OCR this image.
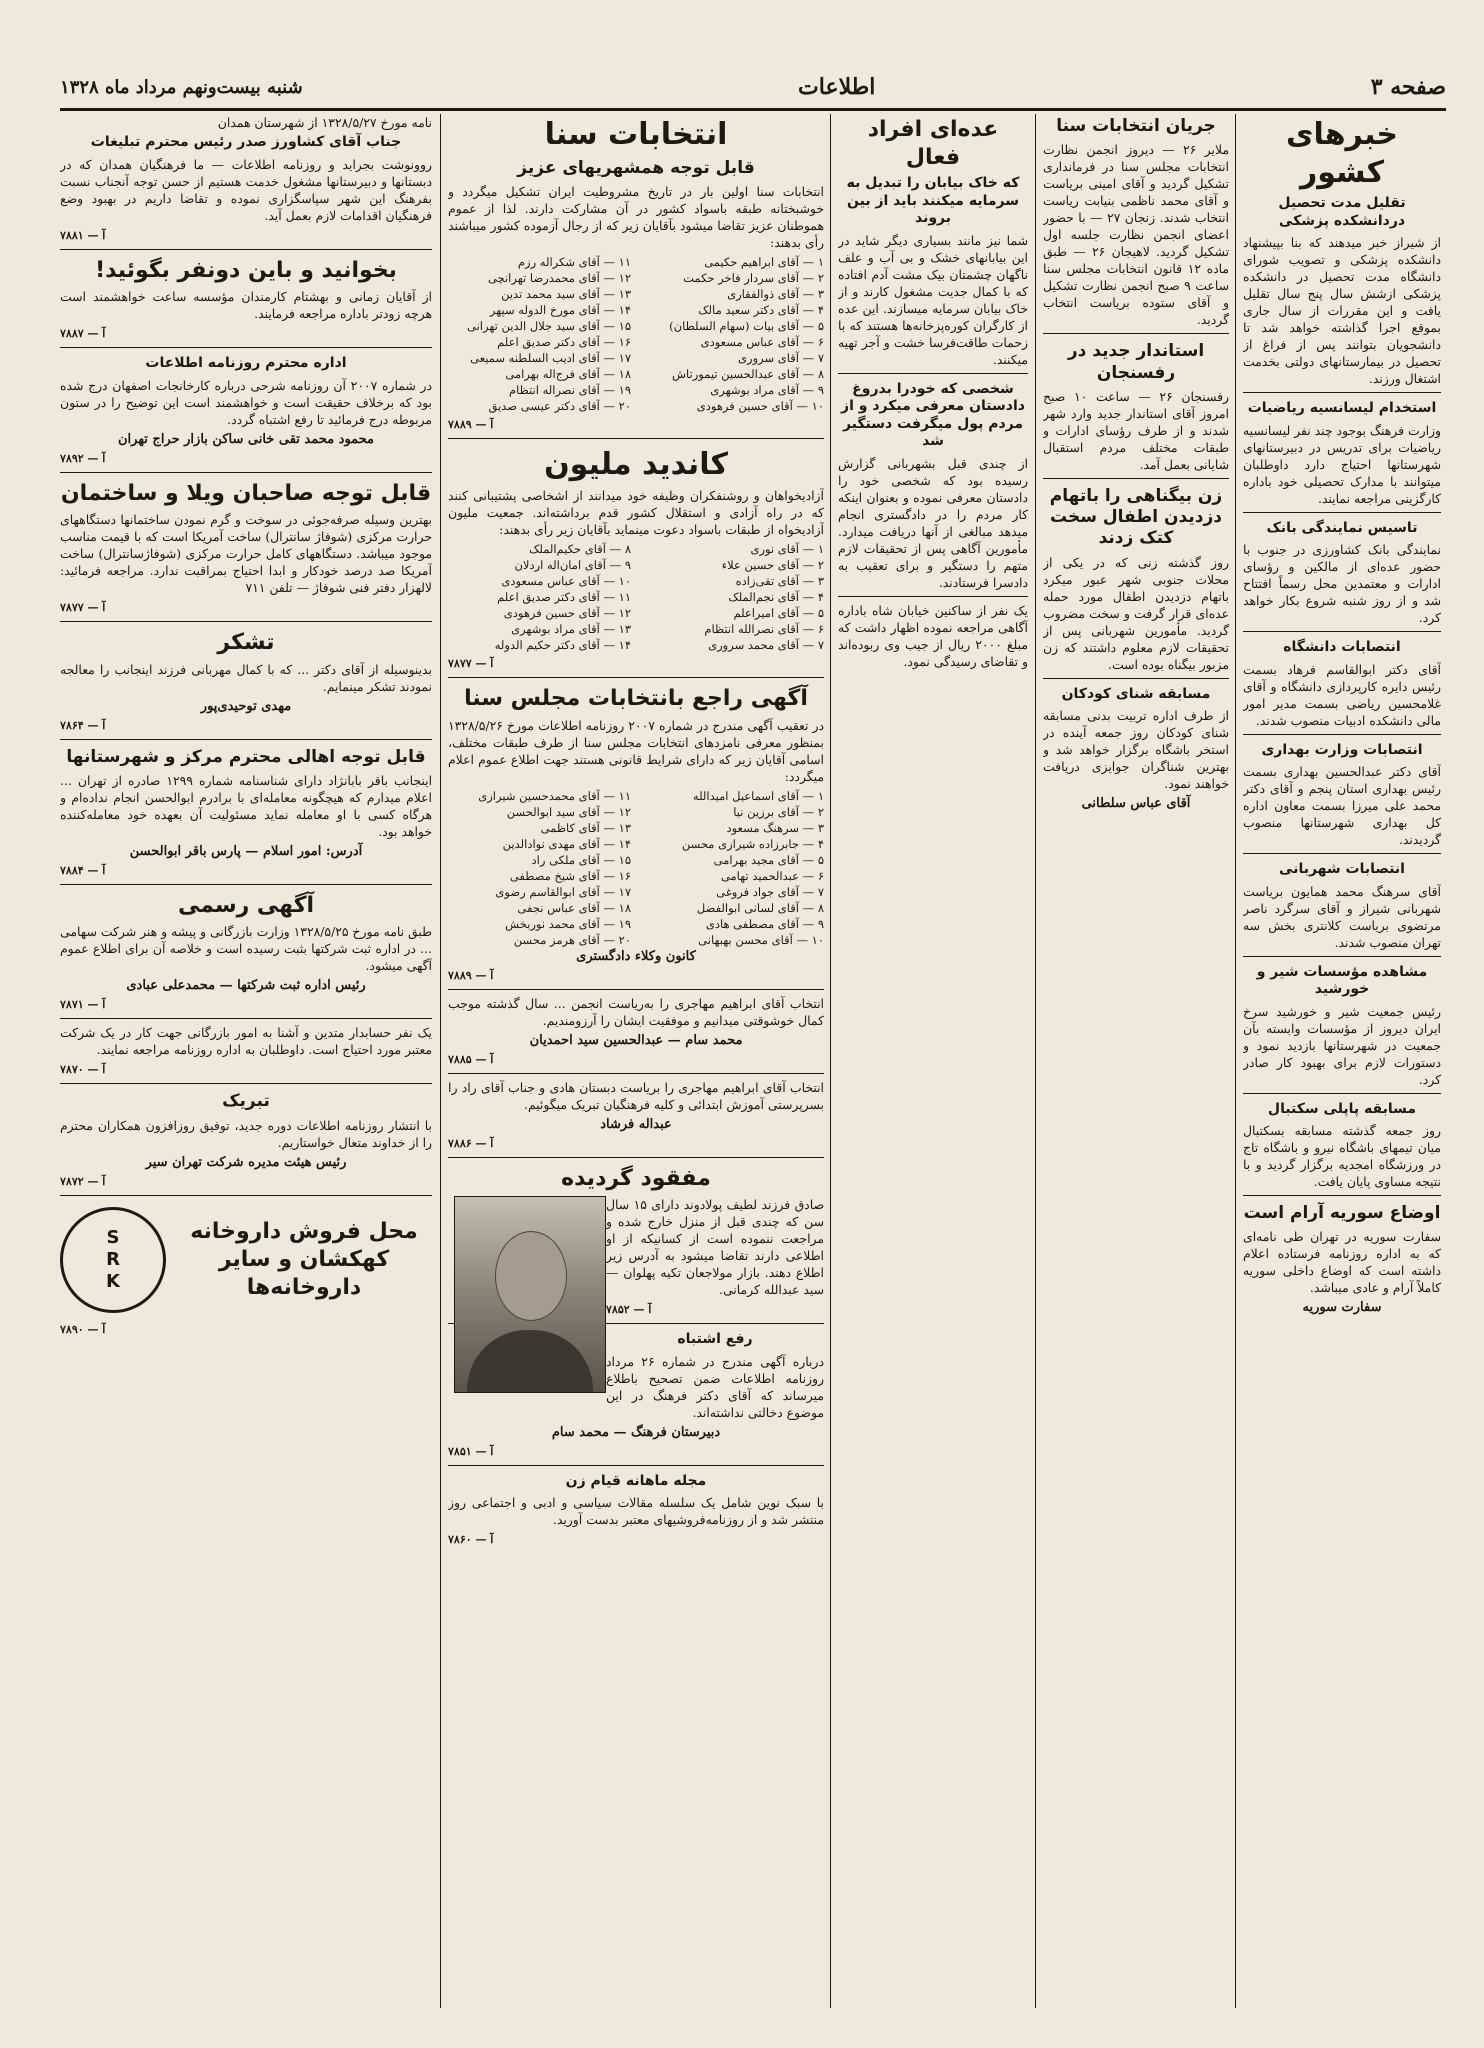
صفحه ۳
اطلاعات
شنبه بیست‌ونهم مرداد ماه ۱۳۲۸
خبرهای کشور
تقلیل مدت تحصیل دردانشکده پزشکی

از شیراز خبر میدهند که بنا بپیشنهاد دانشکده پزشکی و تصویب شورای دانشگاه مدت تحصیل در دانشکده پزشکی ازشش سال پنج سال تقلیل یافت و این مقررات از سال جاری بموقع اجرا گذاشته خواهد شد تا دانشجویان بتوانند پس از فراغ از تحصیل در بیمارستانهای دولتی بخدمت اشتغال ورزند.

استخدام لیسانسیه ریاضیات

وزارت فرهنگ بوجود چند نفر لیسانسیه ریاضیات برای تدریس در دبیرستانهای شهرستانها احتیاج دارد داوطلبان میتوانند با مدارک تحصیلی خود باداره کارگزینی مراجعه نمایند.

تاسیس نمایندگی بانک

نمایندگی بانک کشاورزی در جنوب با حضور عده‌ای از مالکین و رؤسای ادارات و معتمدین محل رسماً افتتاح شد و از روز شنبه شروع بکار خواهد کرد.

انتصابات دانشگاه

آقای دکتر ابوالقاسم فرهاد بسمت رئیس دایره کارپردازی دانشگاه و آقای غلامحسین ریاضی بسمت مدیر امور مالی دانشکده ادبیات منصوب شدند.

انتصابات وزارت بهداری

آقای دکتر عبدالحسین بهداری بسمت رئیس بهداری استان پنجم و آقای دکتر محمد علی میرزا بسمت معاون اداره کل بهداری شهرستانها منصوب گردیدند.

انتصابات شهربانی

آقای سرهنگ محمد همایون بریاست شهربانی شیراز و آقای سرگرد ناصر مرتضوی بریاست کلانتری بخش سه تهران منصوب شدند.

مشاهده مؤسسات شیر و خورشید

رئیس جمعیت شیر و خورشید سرخ ایران دیروز از مؤسسات وابسته بآن جمعیت در شهرستانها بازدید نمود و دستورات لازم برای بهبود کار صادر کرد.

مسابقه پاپلی سکتبال

روز جمعه گذشته مسابقه بسکتبال میان تیمهای باشگاه نیرو و باشگاه تاج در ورزشگاه امجدیه برگزار گردید و با نتیجه مساوی پایان یافت.

اوضاع سوریه آرام است

سفارت سوریه در تهران طی نامه‌ای که به اداره روزنامه فرستاده اعلام داشته است که اوضاع داخلی سوریه کاملاً آرام و عادی میباشد.

سفارت سوریه
جریان انتخابات سنا

ملایر ۲۶ — دیروز انجمن نظارت انتخابات مجلس سنا در فرمانداری تشکیل گردید و آقای امینی بریاست و آقای محمد ناظمی بنیابت ریاست انتخاب شدند. زنجان ۲۷ — با حضور اعضای انجمن نظارت جلسه اول تشکیل گردید. لاهیجان ۲۶ — طبق ماده ۱۲ قانون انتخابات مجلس سنا ساعت ۹ صبح انجمن نظارت تشکیل و آقای ستوده بریاست انتخاب گردید.

استاندار جدید در رفسنجان

رفسنجان ۲۶ — ساعت ۱۰ صبح امروز آقای استاندار جدید وارد شهر شدند و از طرف رؤسای ادارات و طبقات مختلف مردم استقبال شایانی بعمل آمد.

زن بیگناهی را باتهام دزدیدن اطفال سخت کتک زدند

روز گذشته زنی که در یکی از محلات جنوبی شهر عبور میکرد باتهام دزدیدن اطفال مورد حمله عده‌ای قرار گرفت و سخت مضروب گردید. مأمورین شهربانی پس از تحقیقات لازم معلوم داشتند که زن مزبور بیگناه بوده است.

مسابقه شنای کودکان

از طرف اداره تربیت بدنی مسابقه شنای کودکان روز جمعه آینده در استخر باشگاه برگزار خواهد شد و بهترین شناگران جوایزی دریافت خواهند نمود.

آقای عباس سلطانی
عده‌ای افراد فعال
که خاک بیابان را تبدیل به سرمایه میکنند باید از بین بروند

شما نیز مانند بسیاری دیگر شاید در این بیابانهای خشک و بی آب و علف ناگهان چشمتان بیک مشت آدم افتاده که با کمال جدیت مشغول کارند و از خاک بیابان سرمایه میسازند. این عده از کارگران کوره‌پزخانه‌ها هستند که با زحمات طاقت‌فرسا خشت و آجر تهیه میکنند.

شخصی که خودرا بدروغ دادستان معرفی میکرد و از مردم پول میگرفت دستگیر شد

از چندی قبل بشهربانی گزارش رسیده بود که شخصی خود را دادستان معرفی نموده و بعنوان اینکه کار مردم را در دادگستری انجام میدهد مبالغی از آنها دریافت میدارد. مأمورین آگاهی پس از تحقیقات لازم متهم را دستگیر و برای تعقیب به دادسرا فرستادند.

یک نفر از ساکنین خیابان شاه باداره آگاهی مراجعه نموده اظهار داشت که مبلغ ۲۰۰۰ ریال از جیب وی ربوده‌اند و تقاضای رسیدگی نمود.

انتخابات سنا
قابل توجه همشهریهای عزیز

انتخابات سنا اولین بار در تاریخ مشروطیت ایران تشکیل میگردد و خوشبختانه طبقه باسواد کشور در آن مشارکت دارند. لذا از عموم هموطنان عزیز تقاضا میشود بآقایان زیر که از رجال آزموده کشور میباشند رأی بدهند:

۱ — آقای ابراهیم حکیمی
۲ — آقای سردار فاخر حکمت
۳ — آقای ذوالفقاری
۴ — آقای دکتر سعید مالک
۵ — آقای بیات (سهام السلطان)
۶ — آقای عباس مسعودی
۷ — آقای سروری
۸ — آقای عبدالحسین تیمورتاش
۹ — آقای مراد بوشهری
۱۰ — آقای حسین فرهودی
۱۱ — آقای شکراله رزم
۱۲ — آقای محمدرضا تهرانچی
۱۳ — آقای سید محمد تدین
۱۴ — آقای مورخ الدوله سپهر
۱۵ — آقای سید جلال الدین تهرانی
۱۶ — آقای دکتر صدیق اعلم
۱۷ — آقای ادیب السلطنه سمیعی
۱۸ — آقای فرج‌اله بهرامی
۱۹ — آقای نصراله انتظام
۲۰ — آقای دکتر عیسی صدیق
آ — ۷۸۸۹
کاندید ملیون

آزادیخواهان و روشنفکران وظیفه خود میدانند از اشخاصی پشتیبانی کنند که در راه آزادی و استقلال کشور قدم برداشته‌اند. جمعیت ملیون آزادیخواه از طبقات باسواد دعوت مینماید بآقایان زیر رأی بدهند:

۱ — آقای نوری
۲ — آقای حسین علاء
۳ — آقای تقی‌زاده
۴ — آقای نجم‌الملک
۵ — آقای امیراعلم
۶ — آقای نصرالله انتظام
۷ — آقای محمد سروری
۸ — آقای حکیم‌الملک
۹ — آقای امان‌اله اردلان
۱۰ — آقای عباس مسعودی
۱۱ — آقای دکتر صدیق اعلم
۱۲ — آقای حسین فرهودی
۱۳ — آقای مراد بوشهری
۱۴ — آقای دکتر حکیم الدوله
آ — ۷۸۷۷
آگهی راجع بانتخابات مجلس سنا

در تعقیب آگهی مندرج در شماره ۲۰۰۷ روزنامه اطلاعات مورخ ۱۳۲۸/۵/۲۶ بمنظور معرفی نامزدهای انتخابات مجلس سنا از طرف طبقات مختلف، اسامی آقایان زیر که دارای شرایط قانونی هستند جهت اطلاع عموم اعلام میگردد:

۱ — آقای اسماعیل امیدالله
۲ — آقای برزین نیا
۳ — سرهنگ مسعود
۴ — جابرزاده شیرازی محسن
۵ — آقای مجید بهرامی
۶ — عبدالحمید تهامی
۷ — آقای جواد فروغی
۸ — آقای لسانی ابوالفضل
۹ — آقای مصطفی هادی
۱۰ — آقای محسن بهبهانی
۱۱ — آقای محمدحسین شیرازی
۱۲ — آقای سید ابوالحسن
۱۳ — آقای کاظمی
۱۴ — آقای مهدی نوادالدین
۱۵ — آقای ملکی راد
۱۶ — آقای شیخ مصطفی
۱۷ — آقای ابوالقاسم رضوی
۱۸ — آقای عباس نجفی
۱۹ — آقای محمد نوربخش
۲۰ — آقای هرمز محسن
کانون وکلاء دادگستری
آ — ۷۸۸۹

انتخاب آقای ابراهیم مهاجری را به‌ریاست انجمن ... سال گذشته موجب کمال خوشوقتی میدانیم و موفقیت ایشان را آرزومندیم.

محمد سام — عبدالحسین سید احمدیان
آ — ۷۸۸۵

انتخاب آقای ابراهیم مهاجری را بریاست دبستان هادی و جناب آقای راد را بسرپرستی آموزش ابتدائی و کلیه فرهنگیان تبریک میگوئیم.

عبداله فرشاد
آ — ۷۸۸۶
مفقود گردیده

صادق فرزند لطیف پولادوند دارای ۱۵ سال سن که چندی قبل از منزل خارج شده و مراجعت ننموده است از کسانیکه از او اطلاعی دارند تقاضا میشود به آدرس زیر اطلاع دهند. بازار مولاجعان تکیه پهلوان — سید عبدالله کرمانی.

آ — ۷۸۵۲
رفع اشتباه

درباره آگهی مندرج در شماره ۲۶ مرداد روزنامه اطلاعات ضمن تصحیح باطلاع میرساند که آقای دکتر فرهنگ در این موضوع دخالتی نداشته‌اند.

دبیرستان فرهنگ — محمد سام
آ — ۷۸۵۱
مجله ماهانه قیام زن

با سبک نوین شامل یک سلسله مقالات سیاسی و ادبی و اجتماعی روز منتشر شد و از روزنامه‌فروشیهای معتبر بدست آورید.

آ — ۷۸۶۰

نامه مورخ ۱۳۲۸/۵/۲۷ از شهرستان همدان

جناب آقای کشاورز صدر رئیس محترم تبلیغات

روونوشت بجراید و روزنامه اطلاعات — ما فرهنگیان همدان که در دبستانها و دبیرستانها مشغول خدمت هستیم از حسن توجه آنجناب نسبت بفرهنگ این شهر سپاسگزاری نموده و تقاضا داریم در بهبود وضع فرهنگیان اقدامات لازم بعمل آید.

آ — ۷۸۸۱
بخوانید و باین دونفر بگوئید!

از آقایان زمانی و بهشتام کارمندان مؤسسه ساعت خواهشمند است هرچه زودتر باداره مراجعه فرمایند.

آ — ۷۸۸۷
اداره محترم روزنامه اطلاعات

در شماره ۲۰۰۷ آن روزنامه شرحی درباره کارخانجات اصفهان درج شده بود که برخلاف حقیقت است و خواهشمند است این توضیح را در ستون مربوطه درج فرمائید تا رفع اشتباه گردد.

محمود محمد تقی خانی ساکن بازار حراج تهران
آ — ۷۸۹۲
قابل توجه صاحبان ویلا و ساختمان

بهترین وسیله صرفه‌جوئی در سوخت و گرم نمودن ساختمانها دستگاههای حرارت مرکزی (شوفاژ سانترال) ساخت آمریکا است که با قیمت مناسب موجود میباشد. دستگاههای کامل حرارت مرکزی (شوفاژسانترال) ساخت آمریکا صد درصد خودکار و ابدا احتیاج بمراقبت ندارد. مراجعه فرمائید: لالهزار دفتر فنی شوفاژ — تلفن ۷۱۱

آ — ۷۸۷۷
تشکر

بدینوسیله از آقای دکتر ... که با کمال مهربانی فرزند اینجانب را معالجه نمودند تشکر مینمایم.

مهدی توحیدی‌پور
آ — ۷۸۶۴
قابل توجه اهالی محترم مرکز و شهرستانها

اینجانب باقر بابانژاد دارای شناسنامه شماره ۱۲۹۹ صادره از تهران ... اعلام میدارم که هیچگونه معامله‌ای با برادرم ابوالحسن انجام نداده‌ام و هرگاه کسی با او معامله نماید مسئولیت آن بعهده خود معامله‌کننده خواهد بود.

آدرس: امور اسلام — پارس باقر ابوالحسن
آ — ۷۸۸۴
آگهی رسمی

طبق نامه مورخ ۱۳۲۸/۵/۲۵ وزارت بازرگانی و پیشه و هنر شرکت سهامی ... در اداره ثبت شرکتها بثبت رسیده است و خلاصه آن برای اطلاع عموم آگهی میشود.

رئیس اداره ثبت شرکتها — محمدعلی عبادی
آ — ۷۸۷۱

یک نفر حسابدار متدین و آشنا به امور بازرگانی جهت کار در یک شرکت معتبر مورد احتیاج است. داوطلبان به اداره روزنامه مراجعه نمایند.

آ — ۷۸۷۰
تبریک

با انتشار روزنامه اطلاعات دوره جدید، توفیق روزافزون همکاران محترم را از خداوند متعال خواستاریم.

رئیس هیئت مدیره شرکت تهران سیر
آ — ۷۸۷۲
محل فروش داروخانه کهکشان و سایر داروخانه‌ها
S
R
K
آ — ۷۸۹۰
